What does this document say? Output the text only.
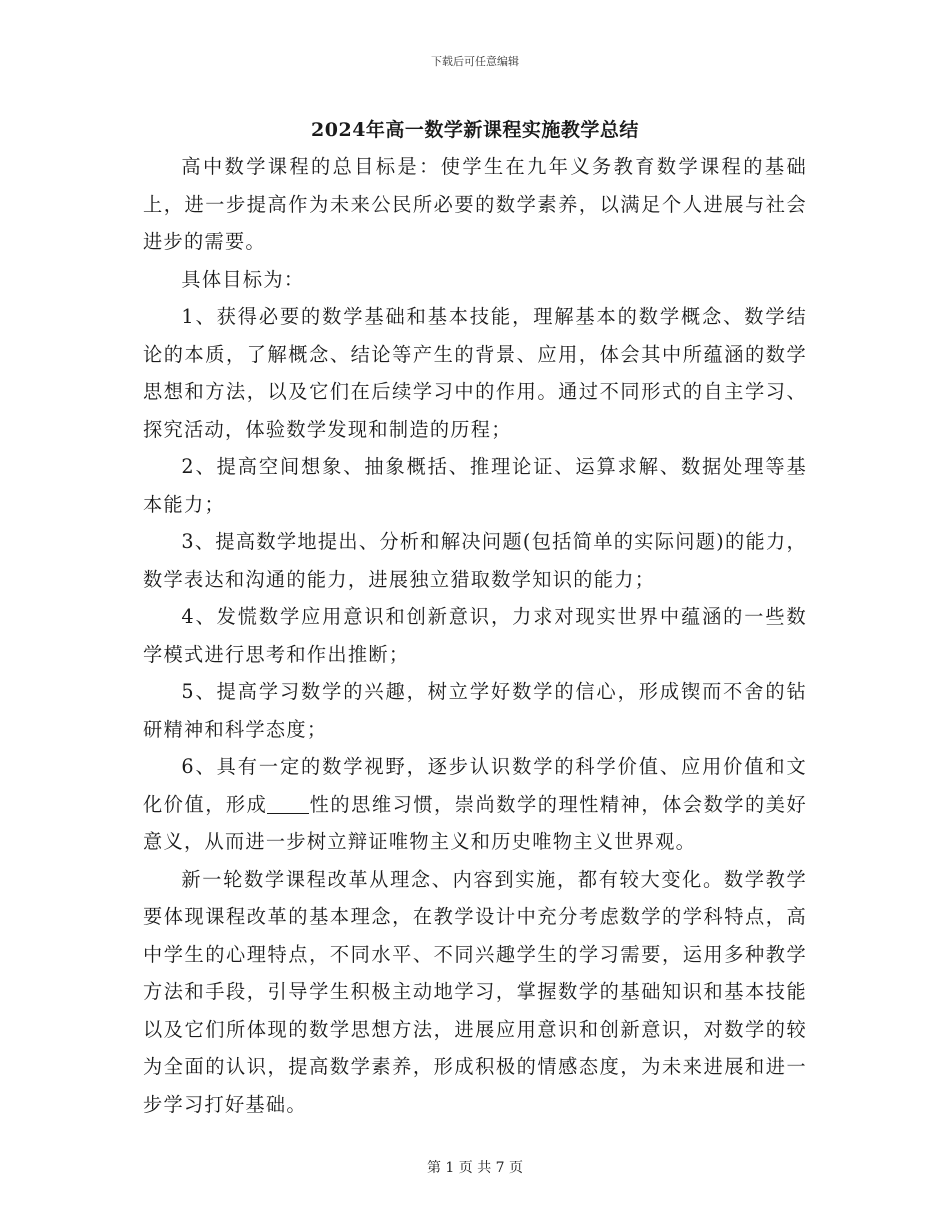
下载后可任意编辑
2024年高一数学新课程实施教学总结

高中数学课程的总目标是：使学生在九年义务教育数学课程的基础上，进一步提高作为未来公民所必要的数学素养，以满足个人进展与社会进步的需要。

具体目标为：

1、获得必要的数学基础和基本技能，理解基本的数学概念、数学结论的本质，了解概念、结论等产生的背景、应用，体会其中所蕴涵的数学思想和方法，以及它们在后续学习中的作用。通过不同形式的自主学习、探究活动，体验数学发现和制造的历程；

2、提高空间想象、抽象概括、推理论证、运算求解、数据处理等基本能力；

3、提高数学地提出、分析和解决问题(包括简单的实际问题)的能力，数学表达和沟通的能力，进展独立猎取数学知识的能力；

4、发慌数学应用意识和创新意识，力求对现实世界中蕴涵的一些数学模式进行思考和作出推断；

5、提高学习数学的兴趣，树立学好数学的信心，形成锲而不舍的钻研精神和科学态度；

6、具有一定的数学视野，逐步认识数学的科学价值、应用价值和文化价值，形成 性的思维习惯，崇尚数学的理性精神，体会数学的美好意义，从而进一步树立辩证唯物主义和历史唯物主义世界观。

新一轮数学课程改革从理念、内容到实施，都有较大变化。数学教学要体现课程改革的基本理念，在教学设计中充分考虑数学的学科特点，高中学生的心理特点，不同水平、不同兴趣学生的学习需要，运用多种教学方法和手段，引导学生积极主动地学习，掌握数学的基础知识和基本技能以及它们所体现的数学思想方法，进展应用意识和创新意识，对数学的较为全面的认识，提高数学素养，形成积极的情感态度，为未来进展和进一步学习打好基础。

第 1 页 共 7 页
